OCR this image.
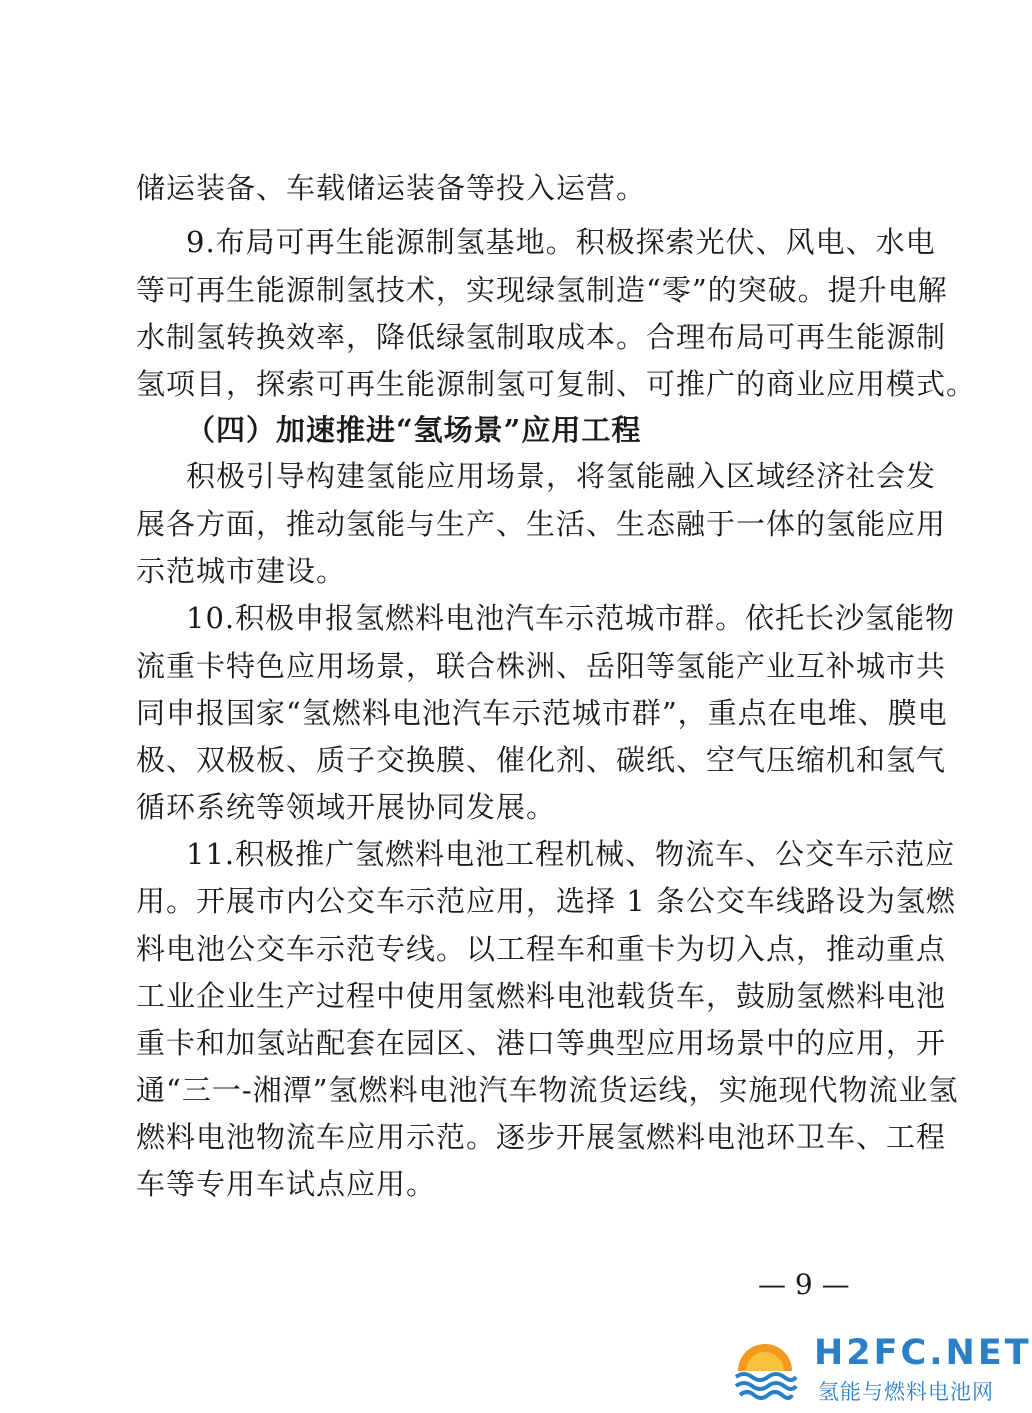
储运装备、车载储运装备等投入运营。
9.布局可再生能源制氢基地。积极探索光伏、风电、水电
等可再生能源制氢技术，实现绿氢制造“零”的突破。提升电解
水制氢转换效率，降低绿氢制取成本。合理布局可再生能源制
氢项目，探索可再生能源制氢可复制、可推广的商业应用模式。
（四）加速推进“氢场景”应用工程
积极引导构建氢能应用场景，将氢能融入区域经济社会发
展各方面，推动氢能与生产、生活、生态融于一体的氢能应用
示范城市建设。
10.积极申报氢燃料电池汽车示范城市群。依托长沙氢能物
流重卡特色应用场景，联合株洲、岳阳等氢能产业互补城市共
同申报国家“氢燃料电池汽车示范城市群”，重点在电堆、膜电
极、双极板、质子交换膜、催化剂、碳纸、空气压缩机和氢气
循环系统等领域开展协同发展。
11.积极推广氢燃料电池工程机械、物流车、公交车示范应
用。开展市内公交车示范应用，选择 1 条公交车线路设为氢燃
料电池公交车示范专线。以工程车和重卡为切入点，推动重点
工业企业生产过程中使用氢燃料电池载货车，鼓励氢燃料电池
重卡和加氢站配套在园区、港口等典型应用场景中的应用，开
通“三一-湘潭”氢燃料电池汽车物流货运线，实施现代物流业氢
燃料电池物流车应用示范。逐步开展氢燃料电池环卫车、工程
车等专用车试点应用。
— 9 —
H2FC.NET
氢能与燃料电池网
